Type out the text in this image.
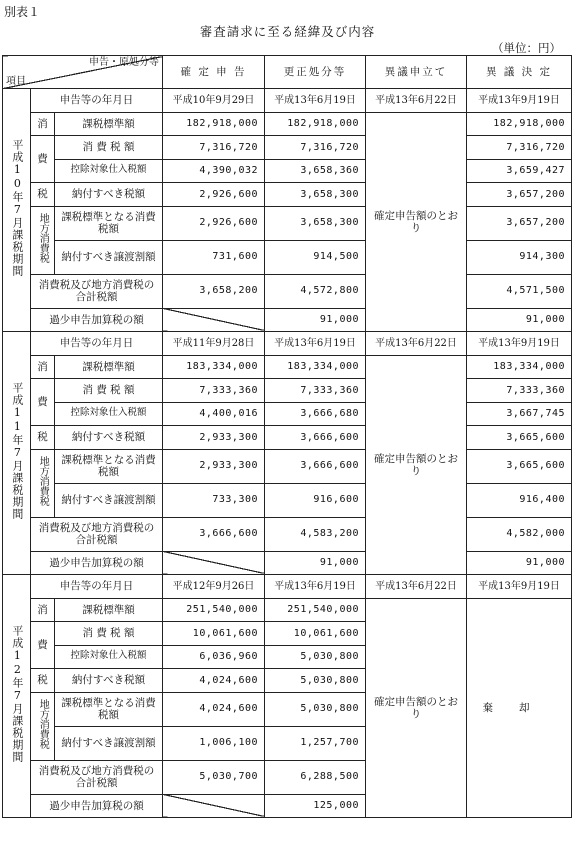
別表１
審査請求に至る経緯及び内容
（単位：円）
申告・原処分等
項目			確 定 申 告	更正処分等	異議申立て	異 議 決 定
平成10年7月課税期間	申告等の年月日		平成10年9月29日	平成13年6月19日	平成13年6月22日	平成13年9月19日
	消	課税標準額	182,918,000	182,918,000	確定申告額のとおり	182,918,000
	費	消 費 税 額	7,316,720	7,316,720		7,316,720
		控除対象仕入税額	4,390,032	3,658,360		3,659,427
	税	納付すべき税額	2,926,600	3,658,300		3,657,200
	地方消費税	課税標準となる消費税額	2,926,600	3,658,300		3,657,200
		納付すべき譲渡割額	731,600	914,500		914,300
	消費税及び地方消費税の合計税額		3,658,200	4,572,800		4,571,500
	過少申告加算税の額			91,000		91,000
平成11年7月課税期間	申告等の年月日		平成11年9月28日	平成13年6月19日	平成13年6月22日	平成13年9月19日
	消	課税標準額	183,334,000	183,334,000	確定申告額のとおり	183,334,000
	費	消 費 税 額	7,333,360	7,333,360		7,333,360
		控除対象仕入税額	4,400,016	3,666,680		3,667,745
	税	納付すべき税額	2,933,300	3,666,600		3,665,600
	地方消費税	課税標準となる消費税額	2,933,300	3,666,600		3,665,600
		納付すべき譲渡割額	733,300	916,600		916,400
	消費税及び地方消費税の合計税額		3,666,600	4,583,200		4,582,000
	過少申告加算税の額			91,000		91,000
平成12年7月課税期間	申告等の年月日		平成12年9月26日	平成13年6月19日	平成13年6月22日	平成13年9月19日
	消	課税標準額	251,540,000	251,540,000	確定申告額のとおり	棄却
	費	消 費 税 額	10,061,600	10,061,600		
		控除対象仕入税額	6,036,960	5,030,800		
	税	納付すべき税額	4,024,600	5,030,800		
	地方消費税	課税標準となる消費税額	4,024,600	5,030,800		
		納付すべき譲渡割額	1,006,100	1,257,700		
	消費税及び地方消費税の合計税額		5,030,700	6,288,500		
	過少申告加算税の額			125,000		
